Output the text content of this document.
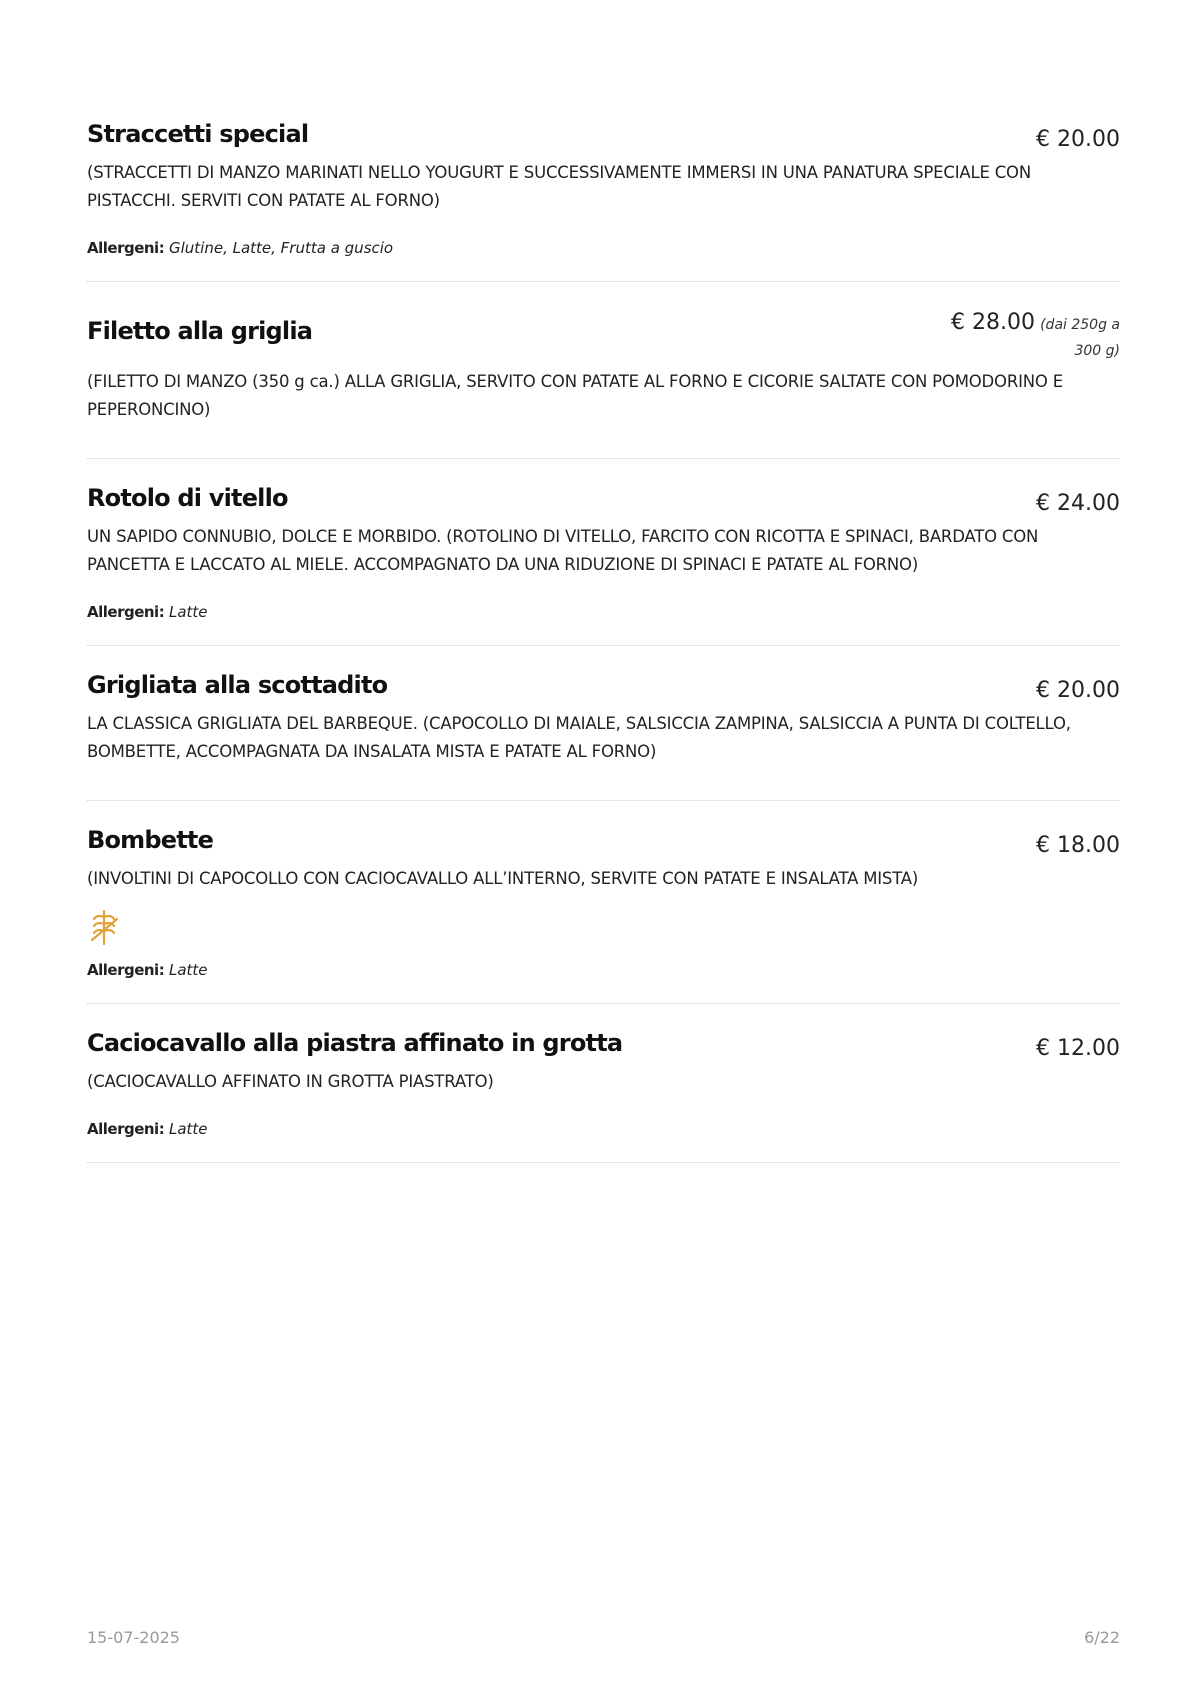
Straccetti special	€ 20.00

(STRACCETTI DI MANZO MARINATI NELLO YOUGURT E SUCCESSIVAMENTE IMMERSI IN UNA PANATURA SPECIALE CON PISTACCHI. SERVITI CON PATATE AL FORNO)

Allergeni: Glutine, Latte, Frutta a guscio
Filetto alla griglia	€ 28.00 (dai 250g a 300 g)

(FILETTO DI MANZO (350 g ca.) ALLA GRIGLIA, SERVITO CON PATATE AL FORNO E CICORIE SALTATE CON POMODORINO E PEPERONCINO)

Rotolo di vitello	€ 24.00

UN SAPIDO CONNUBIO, DOLCE E MORBIDO. (ROTOLINO DI VITELLO, FARCITO CON RICOTTA E SPINACI, BARDATO CON PANCETTA E LACCATO AL MIELE. ACCOMPAGNATO DA UNA RIDUZIONE DI SPINACI E PATATE AL FORNO)

Allergeni: Latte
Grigliata alla scottadito	€ 20.00

LA CLASSICA GRIGLIATA DEL BARBEQUE. (CAPOCOLLO DI MAIALE, SALSICCIA ZAMPINA, SALSICCIA A PUNTA DI COLTELLO, BOMBETTE, ACCOMPAGNATA DA INSALATA MISTA E PATATE AL FORNO)

Bombette	€ 18.00

(INVOLTINI DI CAPOCOLLO CON CACIOCAVALLO ALL’INTERNO, SERVITE CON PATATE E INSALATA MISTA)

Allergeni: Latte
Caciocavallo alla piastra affinato in grotta	€ 12.00

(CACIOCAVALLO AFFINATO IN GROTTA PIASTRATO)

Allergeni: Latte
15-07-2025	6/22
